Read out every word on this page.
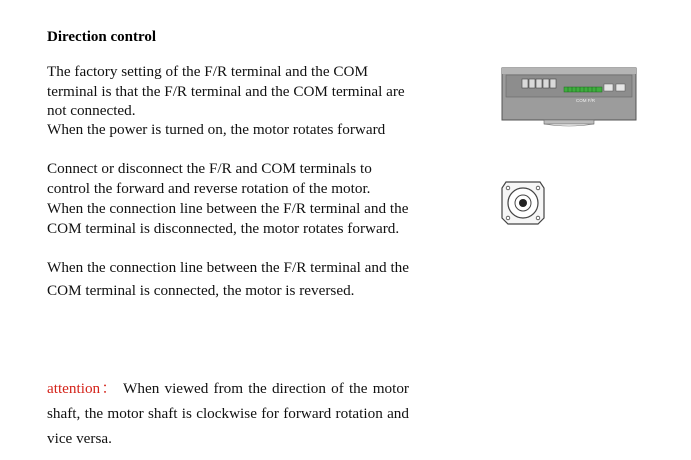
Direction control
The factory setting of the F/R terminal and the COM terminal is that the F/R terminal and the COM terminal are not connected.
When the power is turned on, the motor rotates forward
Connect or disconnect the F/R and COM terminals to control the forward and reverse rotation of the motor.
When the connection line between the F/R terminal and the COM terminal is disconnected, the motor rotates forward.
When the connection line between the F/R terminal and the COM terminal is connected, the motor is reversed.
attention： When viewed from the direction of the motor shaft, the motor shaft is clockwise for forward rotation and vice versa.
COM F/R
